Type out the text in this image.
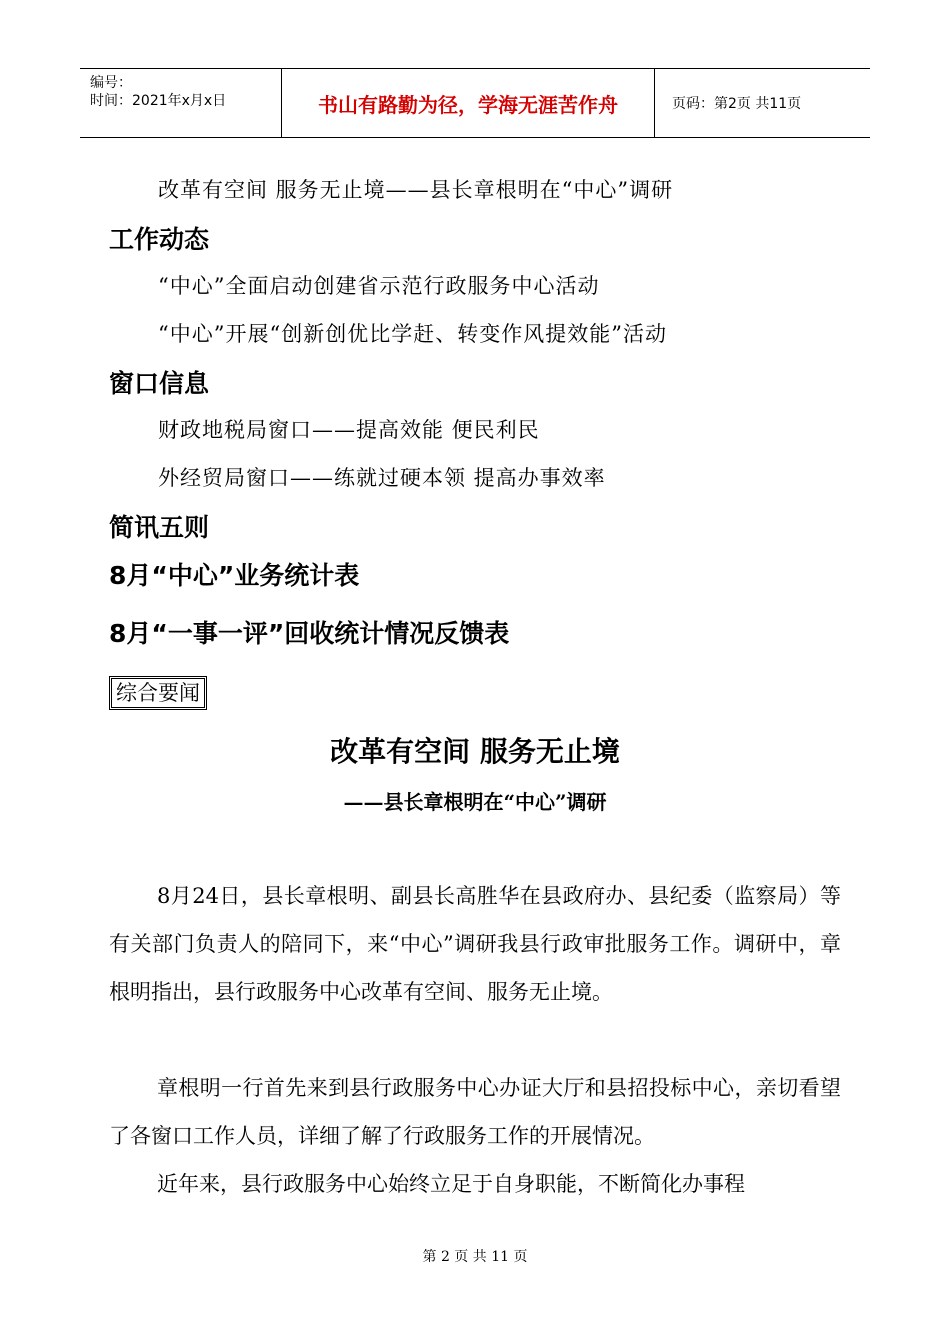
编号：
时间：2021年x月x日	书山有路勤为径，学海无涯苦作舟	页码：第2页 共11页
改革有空间 服务无止境——县长章根明在“中心”调研
工作动态
“中心”全面启动创建省示范行政服务中心活动
“中心”开展“创新创优比学赶、转变作风提效能”活动
窗口信息
财政地税局窗口——提高效能 便民利民
外经贸局窗口——练就过硬本领 提高办事效率
简讯五则
8月“中心”业务统计表
8月“一事一评”回收统计情况反馈表
综合要闻
改革有空间 服务无止境
——县长章根明在“中心”调研
8月24日，县长章根明、副县长高胜华在县政府办、县纪委（监察局）等有关部门负责人的陪同下，来“中心”调研我县行政审批服务工作。调研中，章根明指出，县行政服务中心改革有空间、服务无止境。
章根明一行首先来到县行政服务中心办证大厅和县招投标中心，亲切看望了各窗口工作人员，详细了解了行政服务工作的开展情况。
近年来，县行政服务中心始终立足于自身职能，不断简化办事程
第 2 页 共 11 页
